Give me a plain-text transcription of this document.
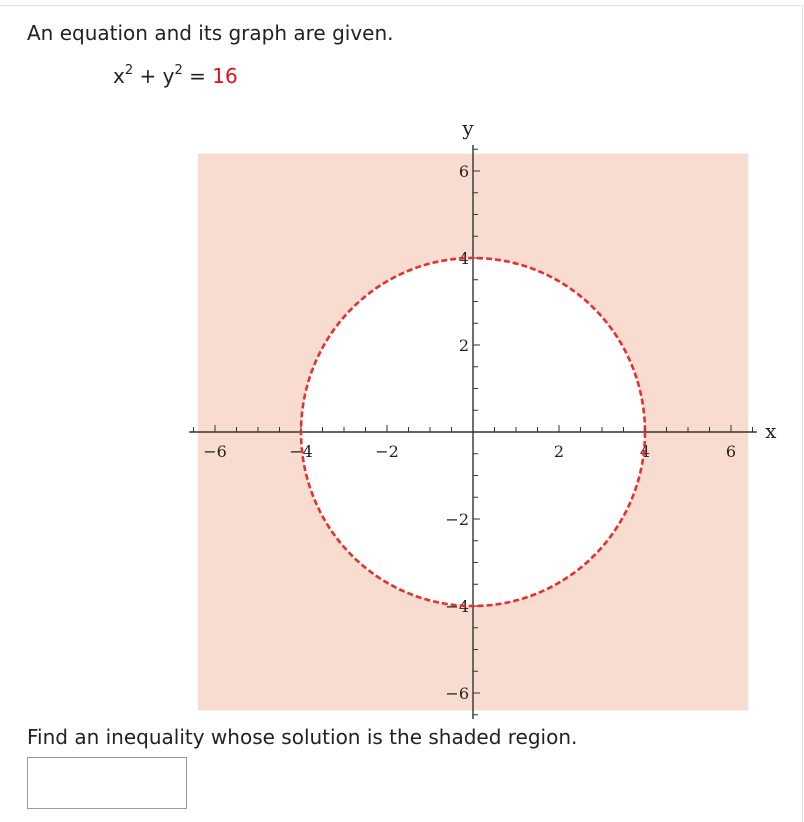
An equation and its graph are given.
$x^2 + y^2 = 16$
−6	−4	−2	2	4	6
6
4
2
−2
−4
−6
x
y
Find an inequality whose solution is the shaded region.
